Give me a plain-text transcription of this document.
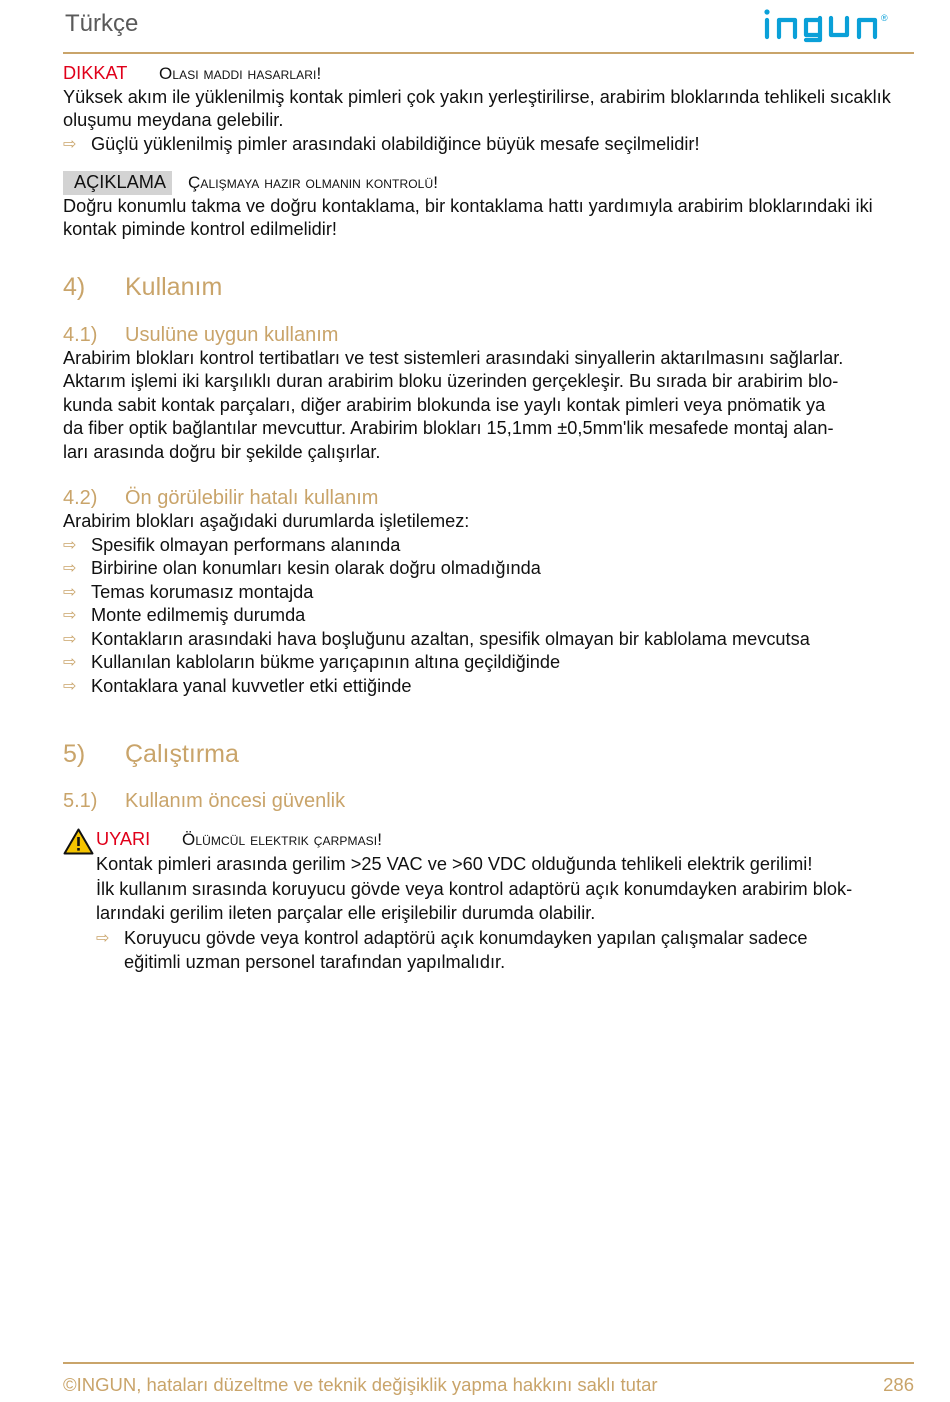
Türkçe	®

DIKKAT Olası maddi hasarları!

Yüksek akım ile yüklenilmiş kontak pimleri çok yakın yerleştirilirse, arabirim bloklarında tehlikeli sıcaklık oluşumu meydana gelebilir.

⇨ Güçlü yüklenilmiş pimler arasındaki olabildiğince büyük mesafe seçilmelidir!

AÇIKLAMA Çalışmaya hazır olmanın kontrolü!

Doğru konumlu takma ve doğru kontaklama, bir kontaklama hattı yardımıyla arabirim bloklarındaki iki kontak piminde kontrol edilmelidir!

4) Kullanım
4.1) Usulüne uygun kullanım
Arabirim blokları kontrol tertibatları ve test sistemleri arasındaki sinyallerin aktarılmasını sağlarlar.
Aktarım işlemi iki karşılıklı duran arabirim bloku üzerinden gerçekleşir. Bu sırada bir arabirim blo-
kunda sabit kontak parçaları, diğer arabirim blokunda ise yaylı kontak pimleri veya pnömatik ya
da fiber optik bağlantılar mevcuttur. Arabirim blokları 15,1mm ±0,5mm'lik mesafede montaj alan-
ları arasında doğru bir şekilde çalışırlar.
4.2) Ön görülebilir hatalı kullanım

Arabirim blokları aşağıdaki durumlarda işletilemez:

⇨ Spesifik olmayan performans alanında
⇨ Birbirine olan konumları kesin olarak doğru olmadığında
⇨ Temas korumasız montajda
⇨ Monte edilmemiş durumda
⇨ Kontakların arasındaki hava boşluğunu azaltan, spesifik olmayan bir kablolama mevcutsa
⇨ Kullanılan kabloların bükme yarıçapının altına geçildiğinde
⇨ Kontaklara yanal kuvvetler etki ettiğinde
5) Çalıştırma
5.1) Kullanım öncesi güvenlik

UYARI Ölümcül elektrik çarpması!

Kontak pimleri arasında gerilim >25 VAC ve >60 VDC olduğunda tehlikeli elektrik gerilimi!

İlk kullanım sırasında koruyucu gövde veya kontrol adaptörü açık konumdayken arabirim blok-

larındaki gerilim ileten parçalar elle erişilebilir durumda olabilir.

⇨ Koruyucu gövde veya kontrol adaptörü açık konumdayken yapılan çalışmalar sadece

eğitimli uzman personel tarafından yapılmalıdır.

©INGUN, hataları düzeltme ve teknik değişiklik yapma hakkını saklı tutar	286
